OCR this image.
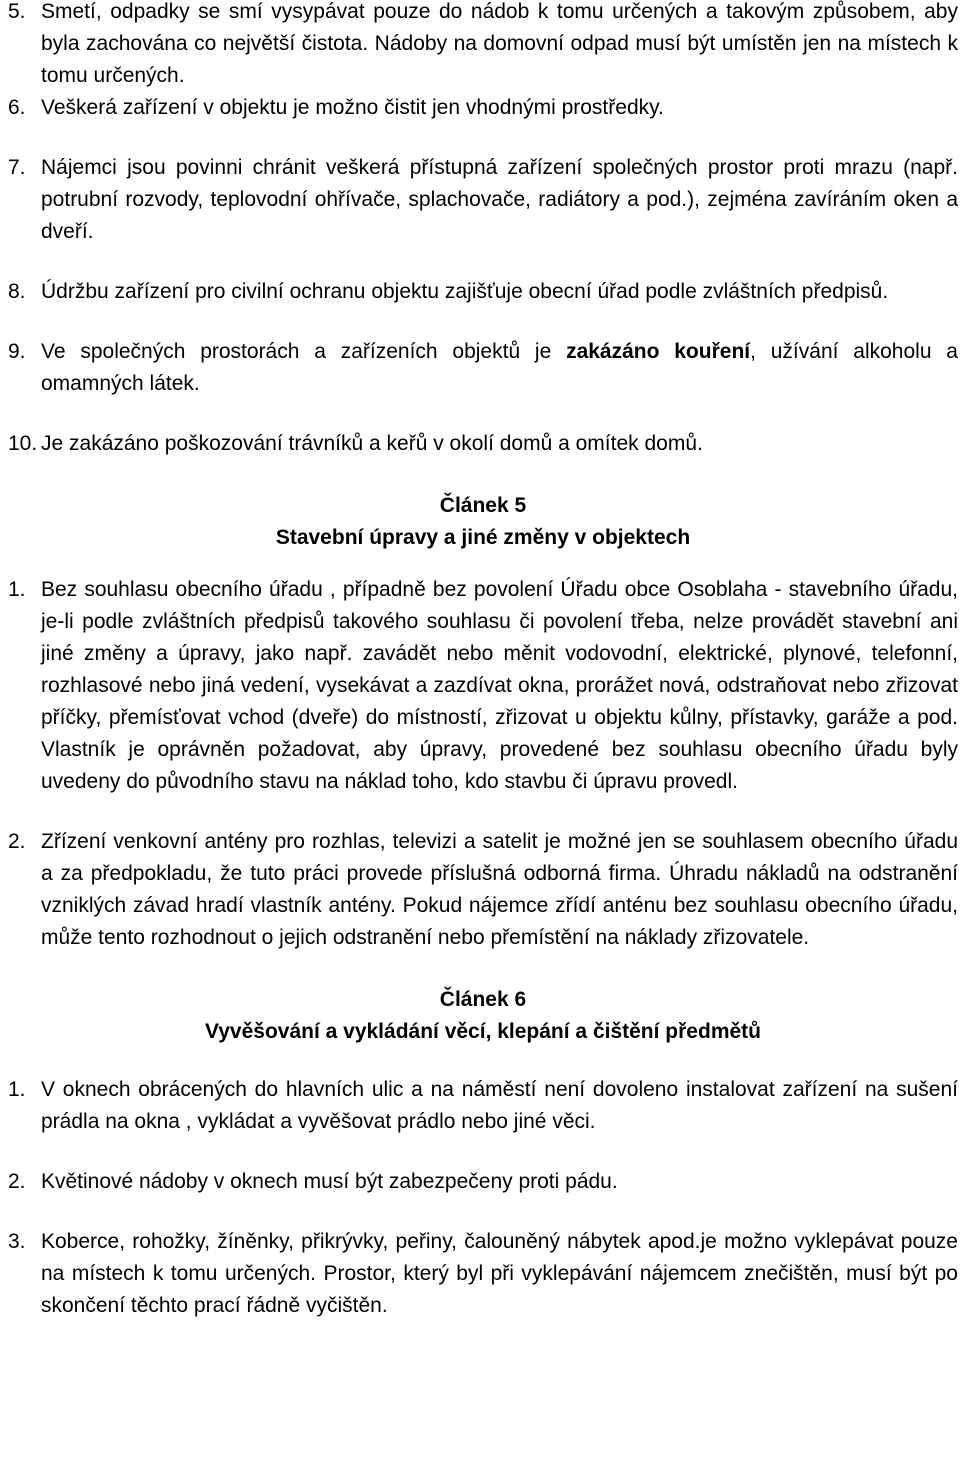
5. Smetí, odpadky se smí vysypávat pouze do nádob k tomu určených a takovým způsobem, aby byla zachována co největší čistota. Nádoby na domovní odpad musí být umístěn jen na místech k tomu určených.
6. Veškerá zařízení v objektu je možno čistit jen vhodnými prostředky.
7. Nájemci jsou povinni chránit veškerá přístupná zařízení společných prostor proti mrazu (např. potrubní rozvody, teplovodní ohřívače, splachovače, radiátory a pod.), zejména zavíráním oken a dveří.
8. Údržbu zařízení pro civilní ochranu objektu zajišťuje obecní úřad podle zvláštních předpisů.
9. Ve společných prostorách a zařízeních objektů je zakázáno kouření, užívání alkoholu a omamných látek.
10. Je zakázáno poškozování trávníků a keřů v okolí domů a omítek domů.
Článek 5
Stavební úpravy a jiné změny v objektech
1. Bez souhlasu obecního úřadu , případně bez povolení Úřadu obce Osoblaha - stavebního úřadu, je-li podle zvláštních předpisů takového souhlasu či povolení třeba, nelze provádět stavební ani jiné změny a úpravy, jako např. zavádět nebo měnit vodovodní, elektrické, plynové, telefonní, rozhlasové nebo jiná vedení, vysekávat a zazdívat okna, prorážet nová, odstraňovat nebo zřizovat příčky, přemísťovat vchod (dveře) do místností, zřizovat u objektu kůlny, přístavky, garáže a pod. Vlastník je oprávněn požadovat, aby úpravy, provedené bez souhlasu obecního úřadu byly uvedeny do původního stavu na náklad toho, kdo stavbu či úpravu provedl.
2. Zřízení venkovní antény pro rozhlas, televizi a satelit je možné jen se souhlasem obecního úřadu a za předpokladu, že tuto práci provede příslušná odborná firma. Úhradu nákladů na odstranění vzniklých závad hradí vlastník antény. Pokud nájemce zřídí anténu bez souhlasu obecního úřadu, může tento rozhodnout o jejich odstranění nebo přemístění na náklady zřizovatele.
Článek 6
Vyvěšování a vykládání věcí, klepání a čištění předmětů
1. V oknech obrácených do hlavních ulic a na náměstí není dovoleno instalovat zařízení na sušení prádla na okna , vykládat a vyvěšovat prádlo nebo jiné věci.
2. Květinové nádoby v oknech musí být zabezpečeny proti pádu.
3. Koberce, rohožky, žíněnky, přikrývky, peřiny, čalouněný nábytek apod.je možno vyklepávat pouze na místech k tomu určených. Prostor, který byl při vyklepávání nájemcem znečištěn, musí být po skončení těchto prací řádně vyčištěn.
